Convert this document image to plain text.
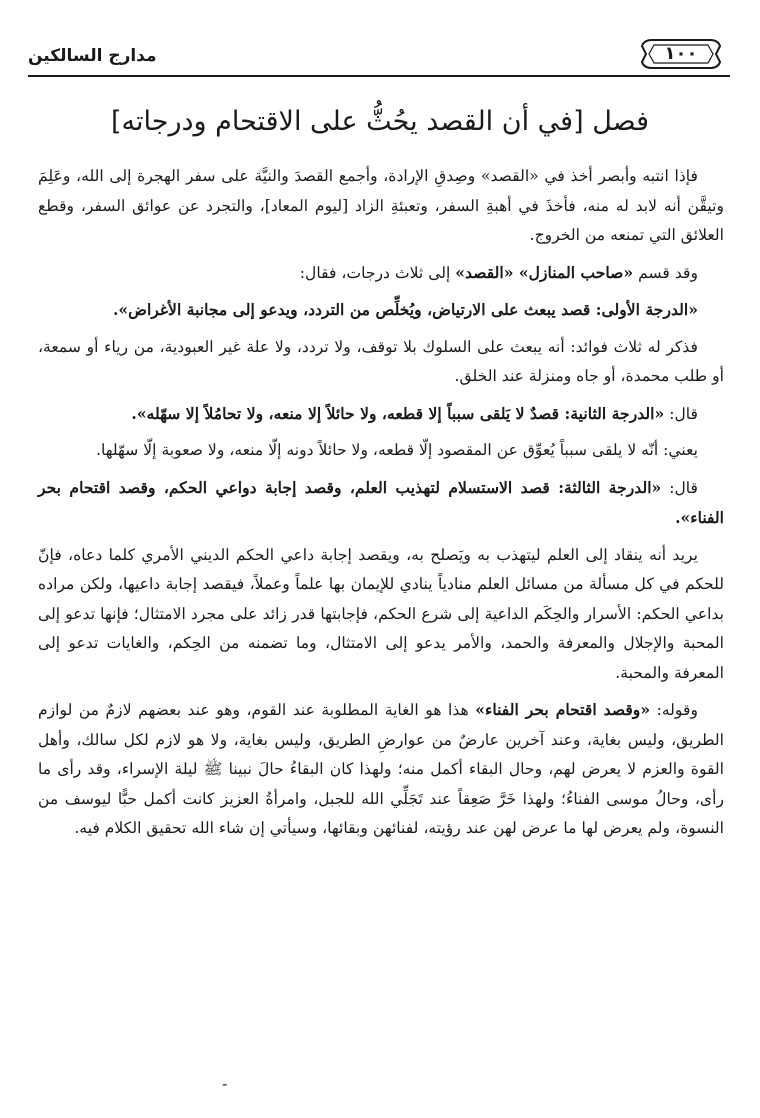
١٠٠
مدارج السالكين
فصل [في أن القصد يحُثُّ على الاقتحام ودرجاته]

فإذا انتبه وأبصر أخذ في «القصد» وصِدقِ الإرادة، وأجمع القصدَ والنيَّة على سفر الهجرة إلى الله، وعَلِمَ وتيقَّن أنه لابد له منه، فأخذَ في أهبةِ السفر، وتعبئةِ الزاد [ليوم المعاد]، والتجرد عن عوائق السفر، وقطع العلائق التي تمنعه من الخروج.

وقد قسم «صاحب المنازل» «القصد» إلى ثلاث درجات، فقال:

«الدرجة الأولى: قصد يبعث على الارتياض، ويُخلِّص من التردد، ويدعو إلى مجانبة الأغراض».

فذكر له ثلاث فوائد: أنه يبعث على السلوك بلا توقف، ولا تردد، ولا علة غير العبودية، من رياء أو سمعة، أو طلب محمدة، أو جاه ومنزلة عند الخلق.

قال: «الدرجة الثانية: قصدٌ لا يَلقى سبباً إلا قطعه، ولا حائلاً إلا منعه، ولا تحامُلاً إلا سهّله».

يعني: أنّه لا يلقى سبباً يُعوِّق عن المقصود إلّا قطعه، ولا حائلاً دونه إلّا منعه، ولا صعوبة إلّا سهّلها.

قال: «الدرجة الثالثة: قصد الاستسلام لتهذيب العلم، وقصد إجابة دواعي الحكم، وقصد اقتحام بحر الفناء».

يريد أنه ينقاد إلى العلم ليتهذب به ويَصلح به، ويقصد إجابة داعي الحكم الديني الأمري كلما دعاه، فإنّ للحكم في كل مسألة من مسائل العلم منادياً ينادي للإيمان بها علماً وعملاً، فيقصد إجابة داعيها، ولكن مراده بداعي الحكم: الأسرار والحِكَم الداعية إلى شرع الحكم، فإجابتها قدر زائد على مجرد الامتثال؛ فإنها تدعو إلى المحبة والإجلال والمعرفة والحمد، والأمر يدعو إلى الامتثال، وما تضمنه من الحِكم، والغايات تدعو إلى المعرفة والمحبة.

وقوله: «وقصد اقتحام بحر الفناء» هذا هو الغاية المطلوبة عند القوم، وهو عند بعضهم لازمٌ من لوازم الطريق، وليس بغاية، وعند آخرين عارضٌ من عوارضِ الطريق، وليس بغاية، ولا هو لازم لكل سالك، وأهل القوة والعزم لا يعرض لهم، وحال البقاء أكمل منه؛ ولهذا كان البقاءُ حالَ نبينا ﷺ ليلة الإسراء، وقد رأى ما رأى، وحالُ موسى الفناءُ؛ ولهذا خَرَّ صَعِقاً عند تَجَلِّي الله للجبل، وامرأةُ العزيز كانت أكمل حبًّا ليوسف من النسوة، ولم يعرض لها ما عرض لهن عند رؤيته، لفنائهن وبقائها، وسيأتي إن شاء الله تحقيق الكلام فيه.

-
